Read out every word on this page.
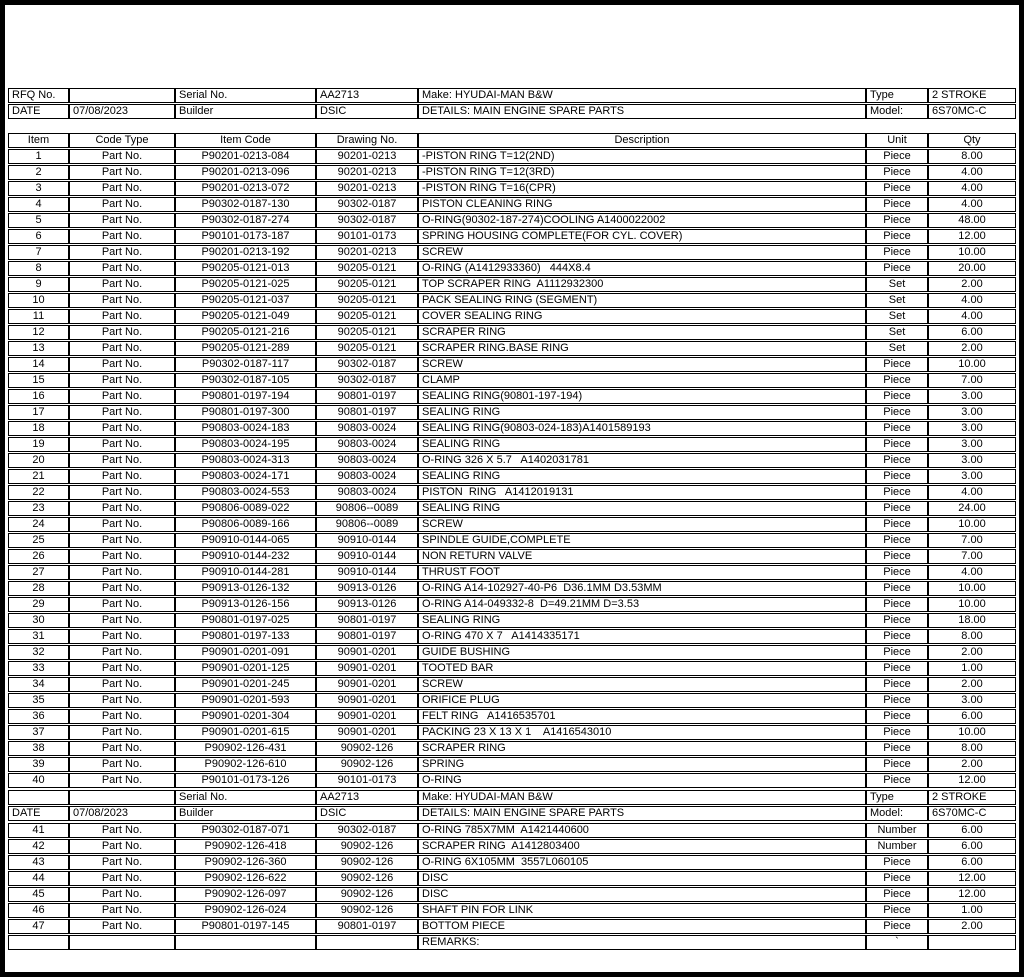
RFQ No.		Serial No.	AA2713	Make: HYUDAI-MAN B&W	Type	2 STROKE
DATE	07/08/2023	Builder	DSIC	DETAILS: MAIN ENGINE SPARE PARTS	Model:	6S70MC-C
Item	Code Type	Item Code	Drawing No.	Description	Unit	Qty
1	Part No.	P90201-0213-084	90201-0213	-PISTON RING T=12(2ND)	Piece	8.00
2	Part No.	P90201-0213-096	90201-0213	-PISTON RING T=12(3RD)	Piece	4.00
3	Part No.	P90201-0213-072	90201-0213	-PISTON RING T=16(CPR)	Piece	4.00
4	Part No.	P90302-0187-130	90302-0187	PISTON CLEANING RING	Piece	4.00
5	Part No.	P90302-0187-274	90302-0187	O-RING(90302-187-274)COOLING A1400022002	Piece	48.00
6	Part No.	P90101-0173-187	90101-0173	SPRING HOUSING COMPLETE(FOR CYL. COVER)	Piece	12.00
7	Part No.	P90201-0213-192	90201-0213	SCREW	Piece	10.00
8	Part No.	P90205-0121-013	90205-0121	O-RING (A1412933360)   444X8.4	Piece	20.00
9	Part No.	P90205-0121-025	90205-0121	TOP SCRAPER RING  A1112932300	Set	2.00
10	Part No.	P90205-0121-037	90205-0121	PACK SEALING RING (SEGMENT)	Set	4.00
11	Part No.	P90205-0121-049	90205-0121	COVER SEALING RING	Set	4.00
12	Part No.	P90205-0121-216	90205-0121	SCRAPER RING	Set	6.00
13	Part No.	P90205-0121-289	90205-0121	SCRAPER RING.BASE RING	Set	2.00
14	Part No.	P90302-0187-117	90302-0187	SCREW	Piece	10.00
15	Part No.	P90302-0187-105	90302-0187	CLAMP	Piece	7.00
16	Part No.	P90801-0197-194	90801-0197	SEALING RING(90801-197-194)	Piece	3.00
17	Part No.	P90801-0197-300	90801-0197	SEALING RING	Piece	3.00
18	Part No.	P90803-0024-183	90803-0024	SEALING RING(90803-024-183)A1401589193	Piece	3.00
19	Part No.	P90803-0024-195	90803-0024	SEALING RING	Piece	3.00
20	Part No.	P90803-0024-313	90803-0024	O-RING 326 X 5.7   A1402031781	Piece	3.00
21	Part No.	P90803-0024-171	90803-0024	SEALING RING	Piece	3.00
22	Part No.	P90803-0024-553	90803-0024	PISTON  RING   A1412019131	Piece	4.00
23	Part No.	P90806-0089-022	90806--0089	SEALING RING	Piece	24.00
24	Part No.	P90806-0089-166	90806--0089	SCREW	Piece	10.00
25	Part No.	P90910-0144-065	90910-0144	SPINDLE GUIDE,COMPLETE	Piece	7.00
26	Part No.	P90910-0144-232	90910-0144	NON RETURN VALVE	Piece	7.00
27	Part No.	P90910-0144-281	90910-0144	THRUST FOOT	Piece	4.00
28	Part No.	P90913-0126-132	90913-0126	O-RING A14-102927-40-P6  D36.1MM D3.53MM	Piece	10.00
29	Part No.	P90913-0126-156	90913-0126	O-RING A14-049332-8  D=49.21MM D=3.53	Piece	10.00
30	Part No.	P90801-0197-025	90801-0197	SEALING RING	Piece	18.00
31	Part No.	P90801-0197-133	90801-0197	O-RING 470 X 7   A1414335171	Piece	8.00
32	Part No.	P90901-0201-091	90901-0201	GUIDE BUSHING	Piece	2.00
33	Part No.	P90901-0201-125	90901-0201	TOOTED BAR	Piece	1.00
34	Part No.	P90901-0201-245	90901-0201	SCREW	Piece	2.00
35	Part No.	P90901-0201-593	90901-0201	ORIFICE PLUG	Piece	3.00
36	Part No.	P90901-0201-304	90901-0201	FELT RING   A1416535701	Piece	6.00
37	Part No.	P90901-0201-615	90901-0201	PACKING 23 X 13 X 1    A1416543010	Piece	10.00
38	Part No.	P90902-126-431	90902-126	SCRAPER RING	Piece	8.00
39	Part No.	P90902-126-610	90902-126	SPRING	Piece	2.00
40	Part No.	P90101-0173-126	90101-0173	O-RING	Piece	12.00
		Serial No.	AA2713	Make: HYUDAI-MAN B&W	Type	2 STROKE
DATE	07/08/2023	Builder	DSIC	DETAILS: MAIN ENGINE SPARE PARTS	Model:	6S70MC-C
41	Part No.	P90302-0187-071	90302-0187	O-RING 785X7MM  A1421440600	Number	6.00
42	Part No.	P90902-126-418	90902-126	SCRAPER RING  A1412803400	Number	6.00
43	Part No.	P90902-126-360	90902-126	O-RING 6X105MM  3557L060105	Piece	6.00
44	Part No.	P90902-126-622	90902-126	DISC	Piece	12.00
45	Part No.	P90902-126-097	90902-126	DISC	Piece	12.00
46	Part No.	P90902-126-024	90902-126	SHAFT PIN FOR LINK	Piece	1.00
47	Part No.	P90801-0197-145	90801-0197	BOTTOM PIECE	Piece	2.00
				REMARKS:	`	
